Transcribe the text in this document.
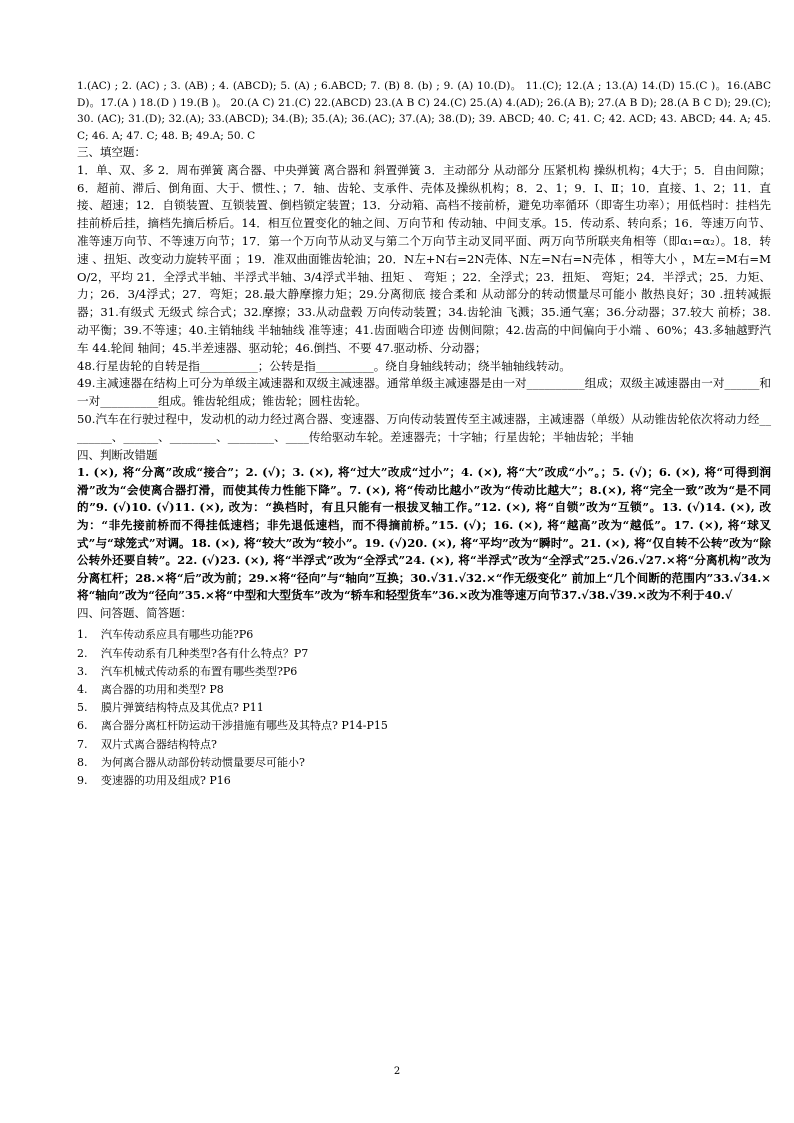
1.(AC) ; 2. (AC) ; 3. (AB) ; 4. (ABCD); 5. (A) ; 6.ABCD; 7. (B) 8. (b) ; 9. (A) 10.(D)。 11.(C); 12.(A ; 13.(A) 14.(D) 15.(C )。16.(ABCD)。17.(A ) 18.(D ) 19.(B )。 20.(A C) 21.(C) 22.(ABCD) 23.(A B C) 24.(C) 25.(A) 4.(AD); 26.(A B); 27.(A B D); 28.(A B C D); 29.(C); 30. (AC); 31.(D); 32.(A); 33.(ABCD); 34.(B); 35.(A); 36.(AC); 37.(A); 38.(D); 39. ABCD; 40. C; 41. C; 42. ACD; 43. ABCD; 44. A; 45.C; 46. A; 47. C; 48. B; 49.A; 50. C

三、填空题：

1．单、双、多 2．周布弹簧 离合器、中央弹簧 离合器和 斜置弹簧 3．主动部分 从动部分 压紧机构 操纵机构；4大于；5．自由间隙；6．超前、滞后、倒角面、大于、惯性、；7．轴、齿轮、支承件、壳体及操纵机构；8．2、1；9．Ⅰ、Ⅱ；10．直接、1、2；11．直接、超速；12．自锁装置、互锁装置、倒档锁定装置；13．分动箱、高档不接前桥，避免功率循环（即寄生功率）；用低档时：挂档先挂前桥后挂，摘档先摘后桥后。14．相互位置变化的轴之间、万向节和 传动轴、中间支承。15．传动系、转向系；16．等速万向节、准等速万向节、不等速万向节；17．第一个万向节从动叉与第二个万向节主动叉同平面、两万向节所联夹角相等（即α₁=α₂）。18．转速 、扭矩、改变动力旋转平面 ；19．准双曲面锥齿轮油；20．N左+N右=2N壳体、N左=N右=N壳体 ，相等大小 ，M左=M右=MO/2，平均 21．全浮式半轴、半浮式半轴、3/4浮式半轴、扭矩 、 弯矩 ；22．全浮式；23．扭矩、 弯矩；24．半浮式；25．力矩、力；26．3/4浮式；27．弯矩；28.最大静摩擦力矩；29.分离彻底 接合柔和 从动部分的转动惯量尽可能小 散热良好；30 .扭转减振器；31.有级式 无级式 综合式；32.摩擦；33.从动盘毂 万向传动装置；34.齿轮油 飞溅；35.通气塞；36.分动器；37.较大 前桥；38.动平衡；39.不等速；40.主销轴线 半轴轴线 准等速；41.齿面啮合印迹 齿侧间隙；42.齿高的中间偏向于小端 、60%；43.多轴越野汽车 44.轮间 轴间；45.半差速器、驱动轮；46.倒挡、不要 47.驱动桥、分动器；

48.行星齿轮的自转是指__________；公转是指__________。绕自身轴线转动；绕半轴轴线转动。

49.主减速器在结构上可分为单级主减速器和双级主减速器。通常单级主减速器是由一对__________组成；双级主减速器由一对______和一对__________组成。锥齿轮组成；锥齿轮；圆柱齿轮。

50.汽车在行驶过程中，发动机的动力经过离合器、变速器、万向传动装置传至主减速器，主减速器（单级）从动锥齿轮依次将动力经________、______、________、________、____传给驱动车轮。差速器壳；十字轴；行星齿轮；半轴齿轮；半轴

四、判断改错题

1. (×), 将“分离”改成“接合”；2. (√)；3. (×), 将“过大”改成“过小”；4. (×), 将“大”改成“小”。；5. (√)；6. (×), 将“可得到润滑”改为“会使离合器打滑，而使其传力性能下降”。7. (×), 将“传动比越小”改为“传动比越大”；8.(×), 将“完全一致”改为“是不同的”9. (√)10. (√)11. (×), 改为：“换档时，有且只能有一根拔叉轴工作。”12. (×), 将“自锁”改为“互锁”。13. (√)14. (×), 改为：“非先接前桥而不得挂低速档；非先退低速档，而不得摘前桥。”15. (√)；16. (×), 将“越高”改为“越低”。17. (×), 将“球叉式”与“球笼式”对调。18. (×), 将“较大”改为“较小”。19. (√)20. (×), 将“平均”改为“瞬时”。21. (×), 将“仅自转不公转”改为“除公转外还要自转”。22. (√)23. (×), 将“半浮式”改为“全浮式”24. (×), 将“半浮式”改为“全浮式”25.√26.√27.×将“分离机构”改为分离杠杆；28.×将“后”改为前；29.×将“径向”与“轴向”互换；30.√31.√32.×“作无级变化” 前加上“几个间断的范围内”33.√34.×将“轴向”改为“径向”35.×将“中型和大型货车”改为“轿车和轻型货车”36.×改为准等速万向节37.√38.√39.×改为不利于40.√

四、问答题、简答题：

1.	汽车传动系应具有哪些功能?P6
2.	汽车传动系有几种类型?各有什么特点？P7
3.	汽车机械式传动系的布置有哪些类型?P6
4.	离合器的功用和类型? P8
5.	膜片弹簧结构特点及其优点? P11
6.	离合器分离杠杆防运动干涉措施有哪些及其特点? P14-P15
7.	双片式离合器结构特点?
8.	为何离合器从动部份转动惯量要尽可能小?
9.	变速器的功用及组成? P16
2
